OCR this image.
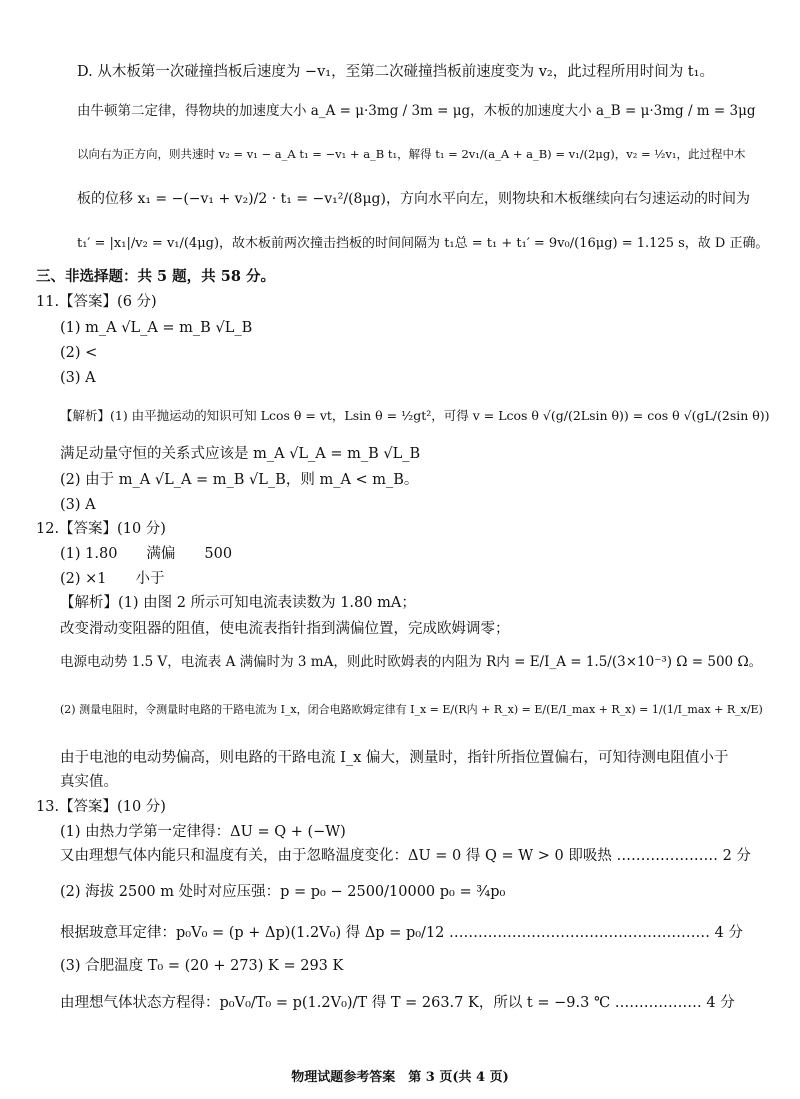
D. 从木板第一次碰撞挡板后速度为 −v₁，至第二次碰撞挡板前速度变为 v₂，此过程所用时间为 t₁。
由牛顿第二定律，得物块的加速度大小 a_A = μ·3mg / 3m = μg，木板的加速度大小 a_B = μ·3mg / m = 3μg
以向右为正方向，则共速时 v₂ = v₁ − a_A t₁ = −v₁ + a_B t₁，解得 t₁ = 2v₁/(a_A + a_B) = v₁/(2μg)，v₂ = ½v₁，此过程中木
板的位移 x₁ = −(−v₁ + v₂)/2 · t₁ = −v₁²/(8μg)，方向水平向左，则物块和木板继续向右匀速运动的时间为
t₁′ = |x₁|/v₂ = v₁/(4μg)，故木板前两次撞击挡板的时间间隔为 t₁总 = t₁ + t₁′ = 9v₀/(16μg) = 1.125 s，故 D 正确。
三、非选择题：共 5 题，共 58 分。
11.【答案】(6 分)
(1) m_A √L_A = m_B √L_B
(2) <
(3) A
【解析】(1) 由平抛运动的知识可知 Lcos θ = vt，Lsin θ = ½gt²，可得 v = Lcos θ √(g/(2Lsin θ)) = cos θ √(gL/(2sin θ))
满足动量守恒的关系式应该是 m_A √L_A = m_B √L_B
(2) 由于 m_A √L_A = m_B √L_B，则 m_A < m_B。
(3) A
12.【答案】(10 分)
(1) 1.80　　满偏　　500
(2) ×1　　小于
【解析】(1) 由图 2 所示可知电流表读数为 1.80 mA；
改变滑动变阻器的阻值，使电流表指针指到满偏位置，完成欧姆调零；
电源电动势 1.5 V，电流表 A 满偏时为 3 mA，则此时欧姆表的内阻为 R内 = E/I_A = 1.5/(3×10⁻³) Ω = 500 Ω。
(2) 测量电阻时，令测量时电路的干路电流为 I_x，闭合电路欧姆定律有 I_x = E/(R内 + R_x) = E/(E/I_max + R_x) = 1/(1/I_max + R_x/E)
由于电池的电动势偏高，则电路的干路电流 I_x 偏大，测量时，指针所指位置偏右，可知待测电阻值小于
真实值。
13.【答案】(10 分)
(1) 由热力学第一定律得：ΔU = Q + (−W)
又由理想气体内能只和温度有关，由于忽略温度变化：ΔU = 0 得 Q = W > 0 即吸热 ………………… 2 分
(2) 海拔 2500 m 处时对应压强：p = p₀ − 2500/10000 p₀ = ¾p₀
根据玻意耳定律：p₀V₀ = (p + Δp)(1.2V₀) 得 Δp = p₀/12 ……………………………………………… 4 分
(3) 合肥温度 T₀ = (20 + 273) K = 293 K
由理想气体状态方程得：p₀V₀/T₀ = p(1.2V₀)/T 得 T = 263.7 K，所以 t = −9.3 ℃ ……………… 4 分
物理试题参考答案　第 3 页(共 4 页)
